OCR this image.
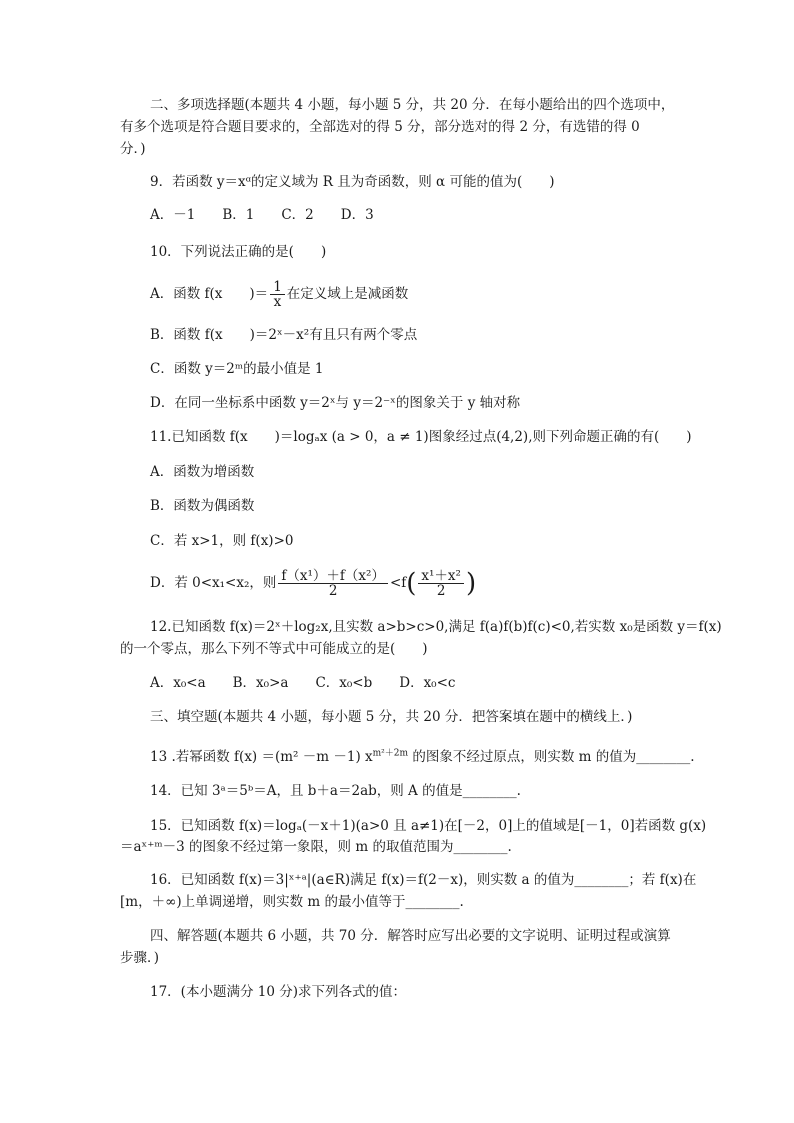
二、多项选择题(本题共 4 小题，每小题 5 分，共 20 分．在每小题给出的四个选项中，
有多个选项是符合题目要求的，全部选对的得 5 分，部分选对的得 2 分，有选错的得 0
分．)
9．若函数 y＝xᵅ的定义域为 R 且为奇函数，则 α 可能的值为(　　)
A．－1　　B．1　　C．2　　D．3
10．下列说法正确的是(　　)
A．函数 f(x　　)＝ $\frac{1}{x}$ 在定义域上是减函数
B．函数 f(x　　)＝2ˣ－x²有且只有两个零点
C．函数 y＝2ᵐ的最小值是 1
D．在同一坐标系中函数 y＝2ˣ与 y＝2⁻ˣ的图象关于 y 轴对称
11.已知函数 f(x　　)＝logₐx (a > 0，a ≠ 1)图象经过点(4,2),则下列命题正确的有(　　)
A．函数为增函数
B．函数为偶函数
C．若 x>1，则 f(x)>0
D．若 0<x₁<x₂，则 $\frac{\text{f（x¹）＋f（x²）}}{2} <f( \frac{\text{x¹＋x²}}{2}$ )
12.已知函数 f(x)＝2ˣ＋log₂x,且实数 a>b>c>0,满足 f(a)f(b)f(c)<0,若实数 x₀是函数 y＝f(x)
的一个零点，那么下列不等式中可能成立的是(　　)
A．x₀<a　　B．x₀>a　　C．x₀<b　　D．x₀<c
三、填空题(本题共 4 小题，每小题 5 分，共 20 分．把答案填在题中的横线上．)
13 .若幂函数 f(x) ＝(m² －m －1) $x^{m^2+2m}$ 的图象不经过原点，则实数 m 的值为________.
14．已知 3ᵃ＝5ᵇ＝A，且 b＋a＝2ab，则 A 的值是________.
15．已知函数 f(x)＝logₐ(－x＋1)(a>0 且 a≠1)在[－2，0]上的值域是[－1，0]若函数 g(x)
＝aˣ⁺ᵐ－3 的图象不经过第一象限，则 m 的取值范围为________.
16．已知函数 f(x)＝3|ˣ⁺ᵃ|(a∈R)满足 f(x)＝f(2－x)，则实数 a 的值为________；若 f(x)在
[m，＋∞)上单调递增，则实数 m 的最小值等于________.
四、解答题(本题共 6 小题，共 70 分．解答时应写出必要的文字说明、证明过程或演算
步骤．)
17．(本小题满分 10 分)求下列各式的值：
